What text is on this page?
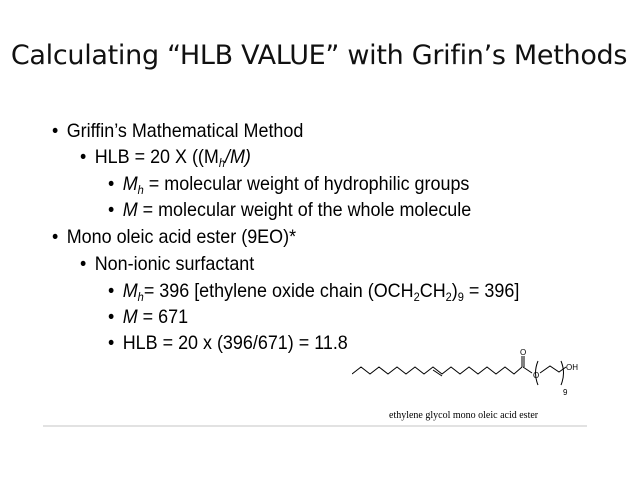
Calculating “HLB VALUE” with Grifin’s Methods
• Griffin’s Mathematical Method
• HLB = 20 X ($(M_h/M)$
• $M_h$ = molecular weight of hydrophilic groups
• M = molecular weight of the whole molecule
• Mono oleic acid ester (9EO)*
• Non-ionic surfactant
• $M_h= 396$ [ethylene oxide chain $(OCH_2CH_2)_9 = 396$]
• M = 671
• HLB = 20 x (396/671) = 11.8	O
O
OH
9
ethylene glycol mono oleic acid ester
